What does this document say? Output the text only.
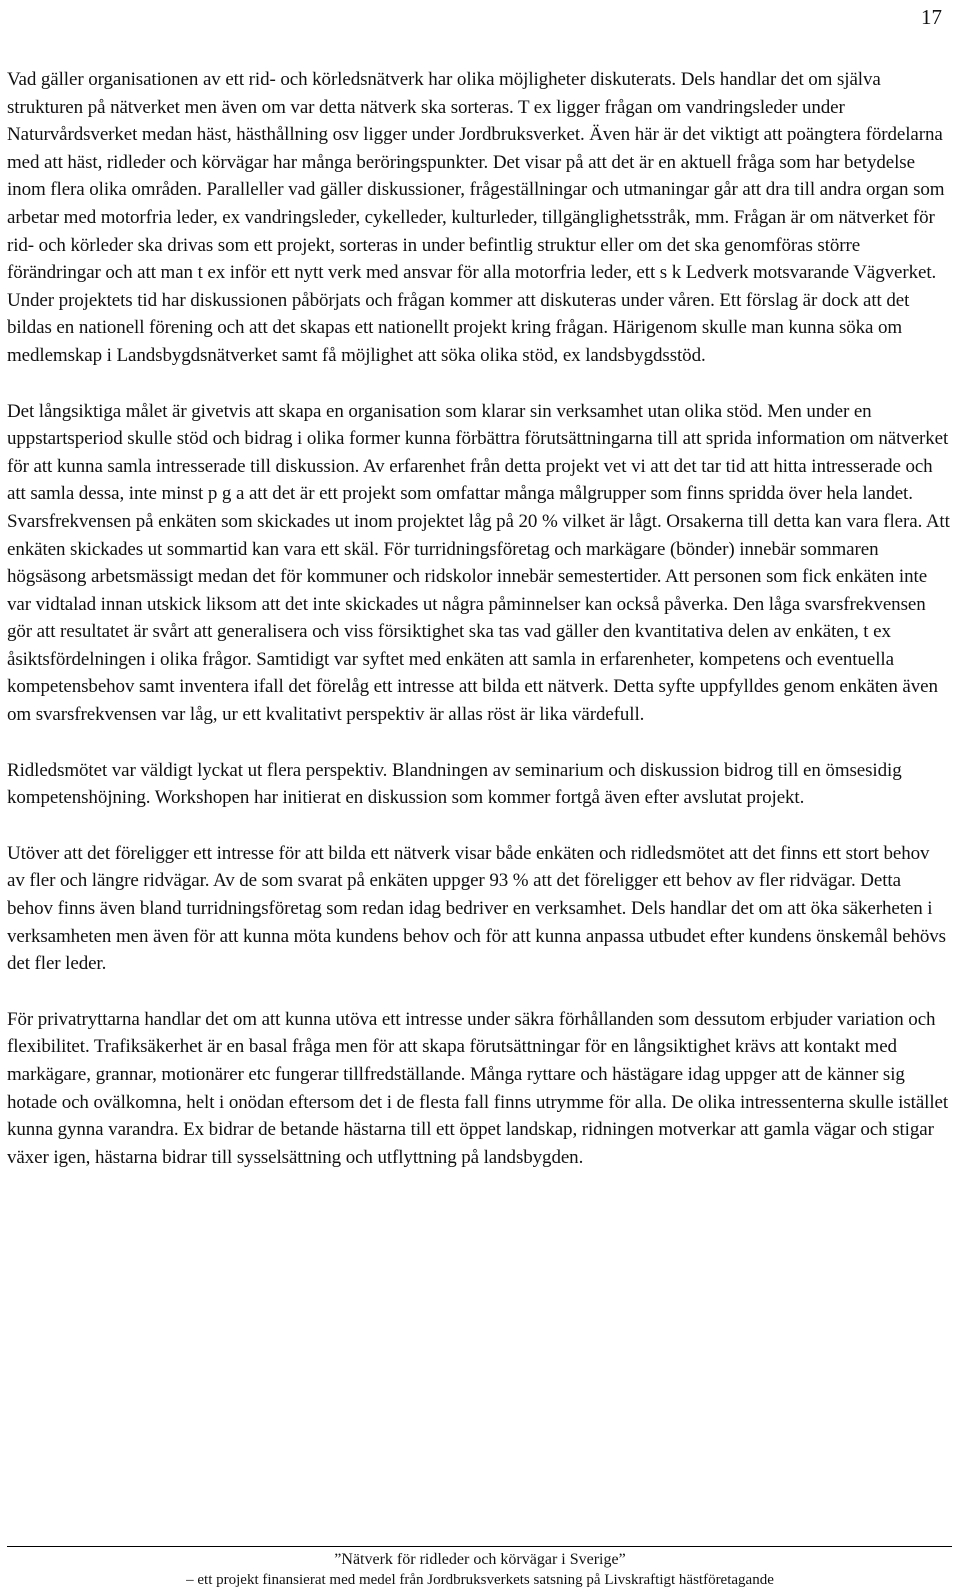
17

Vad gäller organisationen av ett rid- och körledsnätverk har olika möjligheter diskuterats. Dels handlar det om själva strukturen på nätverket men även om var detta nätverk ska sorteras. T ex ligger frågan om vandringsleder under Naturvårdsverket medan häst, hästhållning osv ligger under Jordbruksverket. Även här är det viktigt att poängtera fördelarna med att häst, ridleder och körvägar har många beröringspunkter. Det visar på att det är en aktuell fråga som har betydelse inom flera olika områden. Paralleller vad gäller diskussioner, frågeställningar och utmaningar går att dra till andra organ som arbetar med motorfria leder, ex vandringsleder, cykelleder, kulturleder, tillgänglighetsstråk, mm. Frågan är om nätverket för rid- och körleder ska drivas som ett projekt, sorteras in under befintlig struktur eller om det ska genomföras större förändringar och att man t ex inför ett nytt verk med ansvar för alla motorfria leder, ett s k Ledverk motsvarande Vägverket. Under projektets tid har diskussionen påbörjats och frågan kommer att diskuteras under våren. Ett förslag är dock att det bildas en nationell förening och att det skapas ett nationellt projekt kring frågan. Härigenom skulle man kunna söka om medlemskap i Landsbygdsnätverket samt få möjlighet att söka olika stöd, ex landsbygdsstöd.

Det långsiktiga målet är givetvis att skapa en organisation som klarar sin verksamhet utan olika stöd. Men under en uppstartsperiod skulle stöd och bidrag i olika former kunna förbättra förutsättningarna till att sprida information om nätverket för att kunna samla intresserade till diskussion. Av erfarenhet från detta projekt vet vi att det tar tid att hitta intresserade och att samla dessa, inte minst p g a att det är ett projekt som omfattar många målgrupper som finns spridda över hela landet. Svarsfrekvensen på enkäten som skickades ut inom projektet låg på 20 % vilket är lågt. Orsakerna till detta kan vara flera. Att enkäten skickades ut sommartid kan vara ett skäl. För turridningsföretag och markägare (bönder) innebär sommaren högsäsong arbetsmässigt medan det för kommuner och ridskolor innebär semestertider. Att personen som fick enkäten inte var vidtalad innan utskick liksom att det inte skickades ut några påminnelser kan också påverka. Den låga svarsfrekvensen gör att resultatet är svårt att generalisera och viss försiktighet ska tas vad gäller den kvantitativa delen av enkäten, t ex åsiktsfördelningen i olika frågor. Samtidigt var syftet med enkäten att samla in erfarenheter, kompetens och eventuella kompetensbehov samt inventera ifall det förelåg ett intresse att bilda ett nätverk. Detta syfte uppfylldes genom enkäten även om svarsfrekvensen var låg, ur ett kvalitativt perspektiv är allas röst är lika värdefull.

Ridledsmötet var väldigt lyckat ut flera perspektiv. Blandningen av seminarium och diskussion bidrog till en ömsesidig kompetenshöjning. Workshopen har initierat en diskussion som kommer fortgå även efter avslutat projekt.

Utöver att det föreligger ett intresse för att bilda ett nätverk visar både enkäten och ridledsmötet att det finns ett stort behov av fler och längre ridvägar. Av de som svarat på enkäten uppger 93 % att det föreligger ett behov av fler ridvägar. Detta behov finns även bland turridningsföretag som redan idag bedriver en verksamhet. Dels handlar det om att öka säkerheten i verksamheten men även för att kunna möta kundens behov och för att kunna anpassa utbudet efter kundens önskemål behövs det fler leder.

För privatryttarna handlar det om att kunna utöva ett intresse under säkra förhållanden som dessutom erbjuder variation och flexibilitet. Trafiksäkerhet är en basal fråga men för att skapa förutsättningar för en långsiktighet krävs att kontakt med markägare, grannar, motionärer etc fungerar tillfredställande. Många ryttare och hästägare idag uppger att de känner sig hotade och ovälkomna, helt i onödan eftersom det i de flesta fall finns utrymme för alla. De olika intressenterna skulle istället kunna gynna varandra. Ex bidrar de betande hästarna till ett öppet landskap, ridningen motverkar att gamla vägar och stigar växer igen, hästarna bidrar till sysselsättning och utflyttning på landsbygden.

”Nätverk för ridleder och körvägar i Sverige”
– ett projekt finansierat med medel från Jordbruksverkets satsning på Livskraftigt hästföretagande
